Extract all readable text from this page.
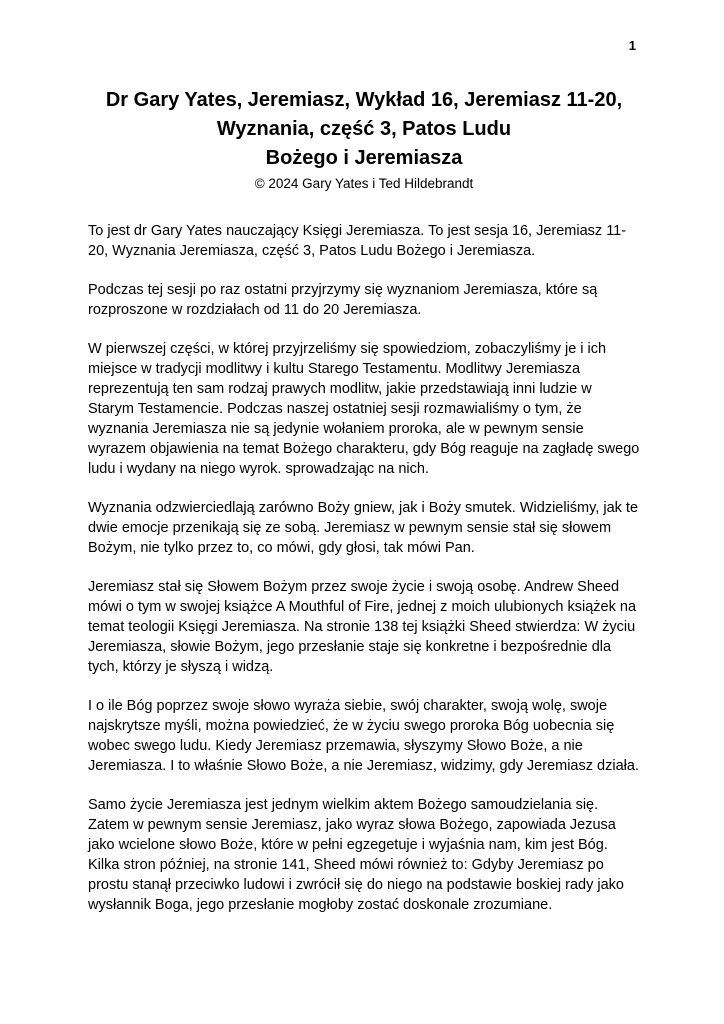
1
Dr Gary Yates, Jeremiasz, Wykład 16, Jeremiasz 11-20,
Wyznania, część 3, Patos Ludu
Bożego i Jeremiasza
© 2024 Gary Yates i Ted Hildebrandt

To jest dr Gary Yates nauczający Księgi Jeremiasza. To jest sesja 16, Jeremiasz 11-20, Wyznania Jeremiasza, część 3, Patos Ludu Bożego i Jeremiasza.

Podczas tej sesji po raz ostatni przyjrzymy się wyznaniom Jeremiasza, które są rozproszone w rozdziałach od 11 do 20 Jeremiasza.

W pierwszej części, w której przyjrzeliśmy się spowiedziom, zobaczyliśmy je i ich miejsce w tradycji modlitwy i kultu Starego Testamentu. Modlitwy Jeremiasza reprezentują ten sam rodzaj prawych modlitw, jakie przedstawiają inni ludzie w Starym Testamencie. Podczas naszej ostatniej sesji rozmawialiśmy o tym, że wyznania Jeremiasza nie są jedynie wołaniem proroka, ale w pewnym sensie wyrazem objawienia na temat Bożego charakteru, gdy Bóg reaguje na zagładę swego ludu i wydany na niego wyrok. sprowadzając na nich.

Wyznania odzwierciedlają zarówno Boży gniew, jak i Boży smutek. Widzieliśmy, jak te dwie emocje przenikają się ze sobą. Jeremiasz w pewnym sensie stał się słowem Bożym, nie tylko przez to, co mówi, gdy głosi, tak mówi Pan.

Jeremiasz stał się Słowem Bożym przez swoje życie i swoją osobę. Andrew Sheed mówi o tym w swojej książce A Mouthful of Fire, jednej z moich ulubionych książek na temat teologii Księgi Jeremiasza. Na stronie 138 tej książki Sheed stwierdza: W życiu Jeremiasza, słowie Bożym, jego przesłanie staje się konkretne i bezpośrednie dla tych, którzy je słyszą i widzą.

I o ile Bóg poprzez swoje słowo wyraża siebie, swój charakter, swoją wolę, swoje najskrytsze myśli, można powiedzieć, że w życiu swego proroka Bóg uobecnia się wobec swego ludu. Kiedy Jeremiasz przemawia, słyszymy Słowo Boże, a nie Jeremiasza. I to właśnie Słowo Boże, a nie Jeremiasz, widzimy, gdy Jeremiasz działa.

Samo życie Jeremiasza jest jednym wielkim aktem Bożego samoudzielania się. Zatem w pewnym sensie Jeremiasz, jako wyraz słowa Bożego, zapowiada Jezusa jako wcielone słowo Boże, które w pełni egzegetuje i wyjaśnia nam, kim jest Bóg. Kilka stron później, na stronie 141, Sheed mówi również to: Gdyby Jeremiasz po prostu stanął przeciwko ludowi i zwrócił się do niego na podstawie boskiej rady jako wysłannik Boga, jego przesłanie mogłoby zostać doskonale zrozumiane.
